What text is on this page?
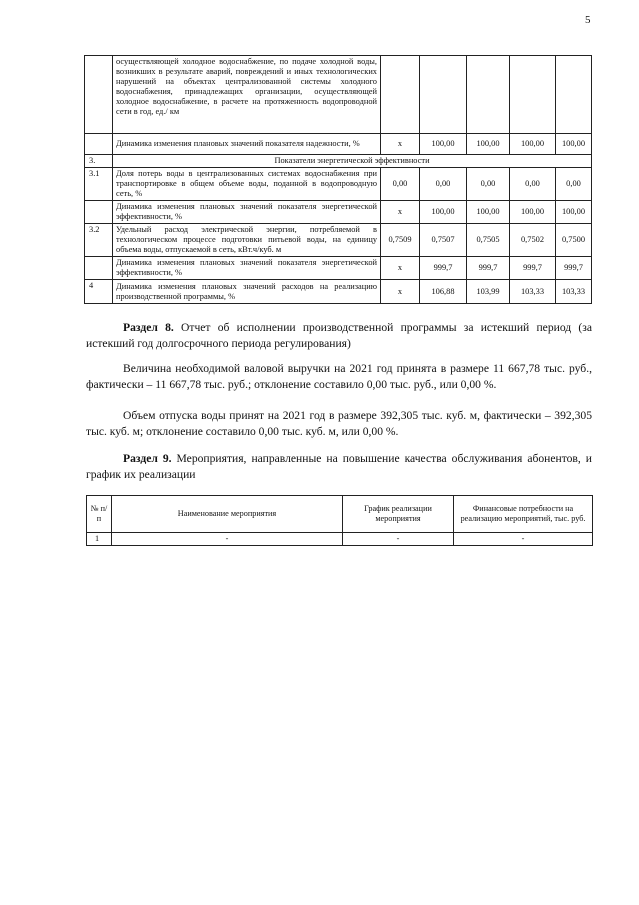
5
	осуществляющей холодное водоснабжение, по подаче холодной воды, возникших в результате аварий, повреждений и иных технологических нарушений на объектах централизованной системы холодного водоснабжения, принадлежащих организации, осуществляющей холодное водоснабжение, в расчете на протяженность водопроводной сети в год, ед./ км					
	Динамика изменения плановых значений показателя надежности, %	х	100,00	100,00	100,00	100,00
3.	Показатели энергетической эффективности					
3.1	Доля потерь воды в централизованных системах водоснабжения при транспортировке в общем объеме воды, поданной в водопроводную сеть, %	0,00	0,00	0,00	0,00	0,00
	Динамика изменения плановых значений показателя энергетической эффективности, %	х	100,00	100,00	100,00	100,00
3.2	Удельный расход электрической энергии, потребляемой в технологическом процессе подготовки питьевой воды, на единицу объема воды, отпускаемой в сеть, кВт.ч/куб. м	0,7509	0,7507	0,7505	0,7502	0,7500
	Динамика изменения плановых значений показателя энергетической эффективности, %	х	999,7	999,7	999,7	999,7
4	Динамика изменения плановых значений расходов на реализацию производственной программы, %	х	106,88	103,99	103,33	103,33

Раздел 8. Отчет об исполнении производственной программы за истекший период (за истекший год долгосрочного периода регулирования)

Величина необходимой валовой выручки на 2021 год принята в размере 11 667,78 тыс. руб., фактически – 11 667,78 тыс. руб.; отклонение составило 0,00 тыс. руб., или 0,00 %.

Объем отпуска воды принят на 2021 год в размере 392,305 тыс. куб. м, фактически – 392,305 тыс. куб. м; отклонение составило 0,00 тыс. куб. м, или 0,00 %.

Раздел 9. Мероприятия, направленные на повышение качества обслуживания абонентов, и график их реализации

№ п/п	Наименование мероприятия	График реализации мероприятия	Финансовые потребности на реализацию мероприятий, тыс. руб.
1	-	-	-
